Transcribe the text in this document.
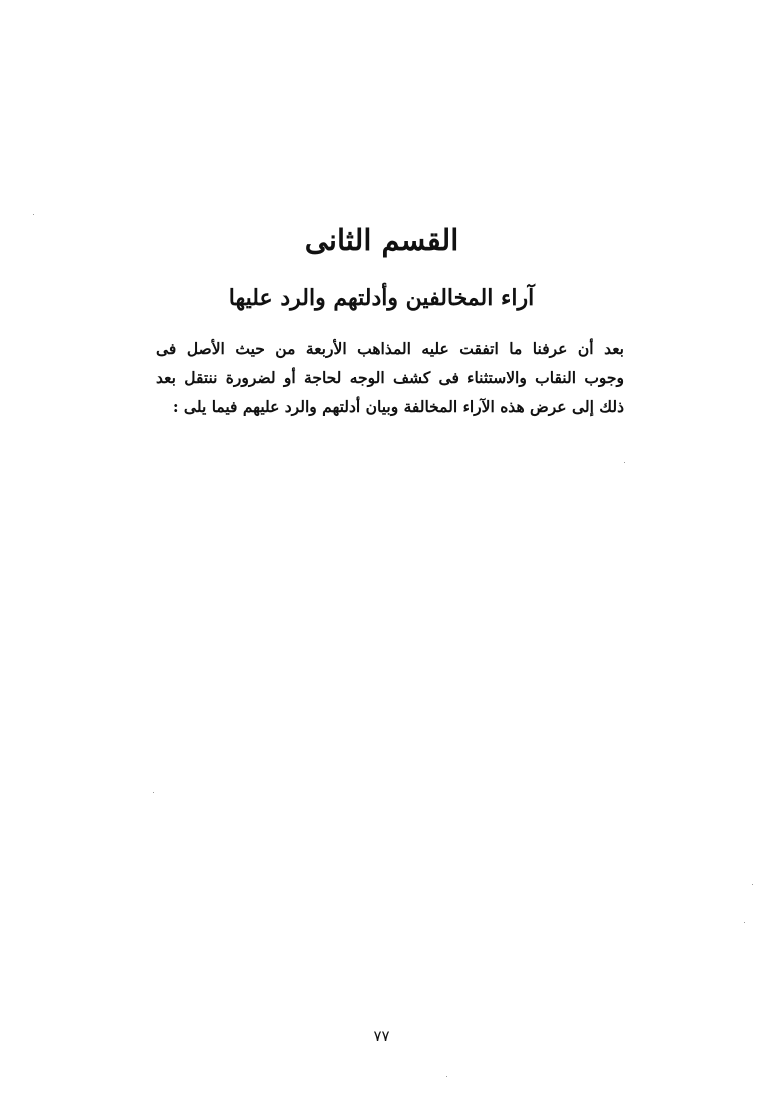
القسم الثانى
آراء المخالفين وأدلتهم والرد عليها

بعد أن عرفنا ما اتفقت عليه المذاهب الأربعة من حيث الأصل فى
وجوب النقاب والاستثناء فى كشف الوجه لحاجة أو لضرورة ننتقل بعد
ذلك إلى عرض هذه الآراء المخالفة وبيان أدلتهم والرد عليهم فيما يلى :

٧٧
